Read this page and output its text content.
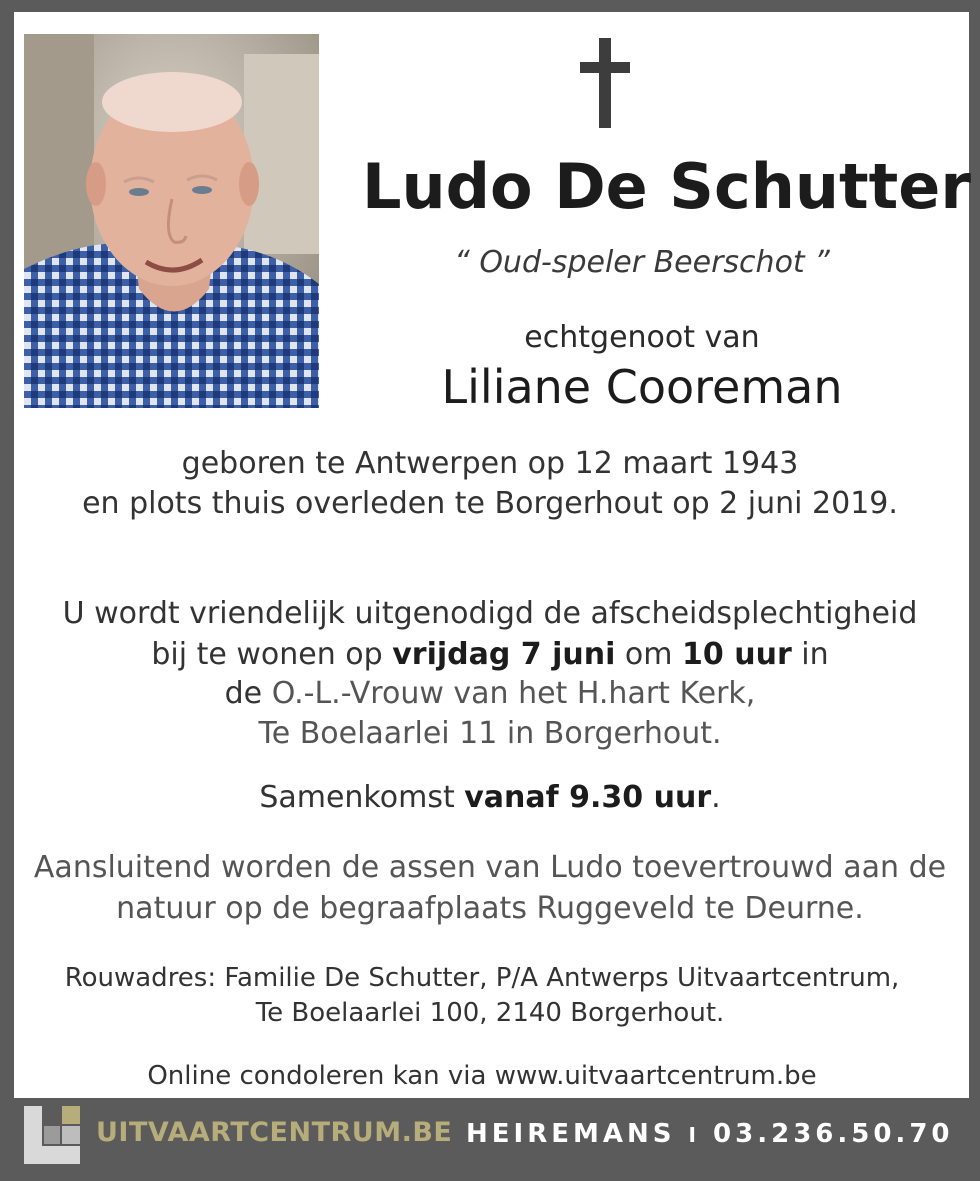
Ludo De Schutter
“ Oud-speler Beerschot ”
echtgenoot van
Liliane Cooreman
geboren te Antwerpen op 12 maart 1943
en plots thuis overleden te Borgerhout op 2 juni 2019.
U wordt vriendelijk uitgenodigd de afscheidsplechtigheid
bij te wonen op vrijdag 7 juni om 10 uur in
de O.-L.-Vrouw van het H.hart Kerk,
Te Boelaarlei 11 in Borgerhout.
Samenkomst vanaf 9.30 uur.
Aansluitend worden de assen van Ludo toevertrouwd aan de
natuur op de begraafplaats Ruggeveld te Deurne.
Rouwadres: Familie De Schutter, P/A Antwerps Uitvaartcentrum,
Te Boelaarlei 100, 2140 Borgerhout.
Online condoleren kan via www.uitvaartcentrum.be
UITVAARTCENTRUM.BE HEIREMANS I 03.236.50.70
